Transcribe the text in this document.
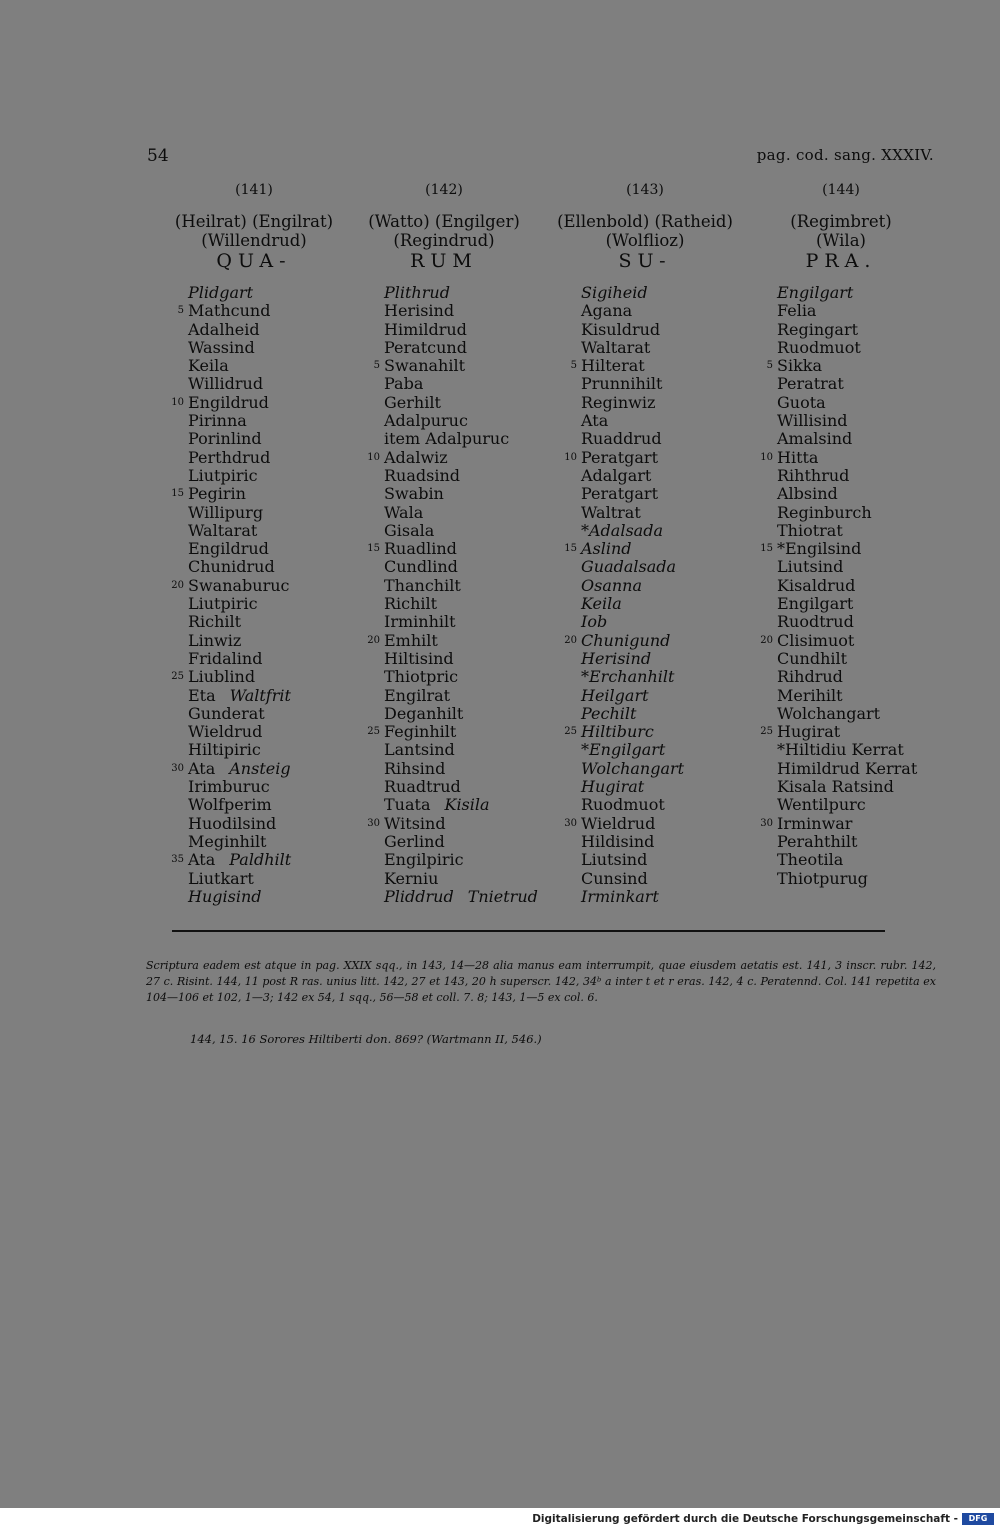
54	pag. cod. sang. XXXIV.
(141)
(Heilrat) (Engilrat)
(Willendrud)
QUA-
(142)
(Watto) (Engilger)
(Regindrud)
RUM
(143)
(Ellenbold) (Ratheid)
(Wolflioz)
SU-
(144)
(Regimbret)
(Wila)
PRA.
Plidgart
5 Mathcund
Adalheid
Wassind
Keila
Willidrud
10 Engildrud
Pirinna
Porinlind
Perthdrud
Liutpiric
15 Pegirin
Willipurg
Waltarat
Engildrud
Chunidrud
20 Swanaburuc
Liutpiric
Richilt
Linwiz
Fridalind
25 Liublind
Eta Waltfrit
Gunderat
Wieldrud
Hiltipiric
30 Ata Ansteig
Irimburuc
Wolfperim
Huodilsind
Meginhilt
35 Ata Paldhilt
Liutkart
Hugisind
Plithrud
Herisind
Himildrud
Peratcund
5 Swanahilt
Paba
Gerhilt
Adalpuruc
item Adalpuruc
10 Adalwiz
Ruadsind
Swabin
Wala
Gisala
15 Ruadlind
Cundlind
Thanchilt
Richilt
Irminhilt
20 Emhilt
Hiltisind
Thiotpric
Engilrat
Deganhilt
25 Feginhilt
Lantsind
Rihsind
Ruadtrud
Tuata Kisila
30 Witsind
Gerlind
Engilpiric
Kerniu
Pliddrud Tnietrud
Sigiheid
Agana
Kisuldrud
Waltarat
5 Hilterat
Prunnihilt
Reginwiz
Ata
Ruaddrud
10 Peratgart
Adalgart
Peratgart
Waltrat
*Adalsada
15 Aslind
Guadalsada
Osanna
Keila
Iob
20 Chunigund
Herisind
*Erchanhilt
Heilgart
Pechilt
25 Hiltiburc
*Engilgart
Wolchangart
Hugirat
Ruodmuot
30 Wieldrud
Hildisind
Liutsind
Cunsind
Irminkart
Engilgart
Felia
Regingart
Ruodmuot
5 Sikka
Peratrat
Guota
Willisind
Amalsind
10 Hitta
Rihthrud
Albsind
Reginburch
Thiotrat
15 *Engilsind
Liutsind
Kisaldrud
Engilgart
Ruodtrud
20 Clisimuot
Cundhilt
Rihdrud
Merihilt
Wolchangart
25 Hugirat
*Hiltidiu Kerrat
Himildrud Kerrat
Kisala Ratsind
Wentilpurc
30 Irminwar
Perahthilt
Theotila
Thiotpurug

Scriptura eadem est atque in pag. XXIX sqq., in 143, 14—28 alia manus eam interrumpit, quae eiusdem aetatis est. 141, 3 inscr. rubr. 142, 27 c. Risint. 144, 11 post R ras. unius litt. 142, 27 et 143, 20 h superscr. 142, 34ᵇ a inter t et r eras. 142, 4 c. Peratennd. Col. 141 repetita ex 104—106 et 102, 1—3; 142 ex 54, 1 sqq., 56—58 et coll. 7. 8; 143, 1—5 ex col. 6.

144, 15. 16 Sorores Hiltiberti don. 869? (Wartmann II, 546.)
Digitalisierung gefördert durch die Deutsche Forschungsgemeinschaft -	DFG
